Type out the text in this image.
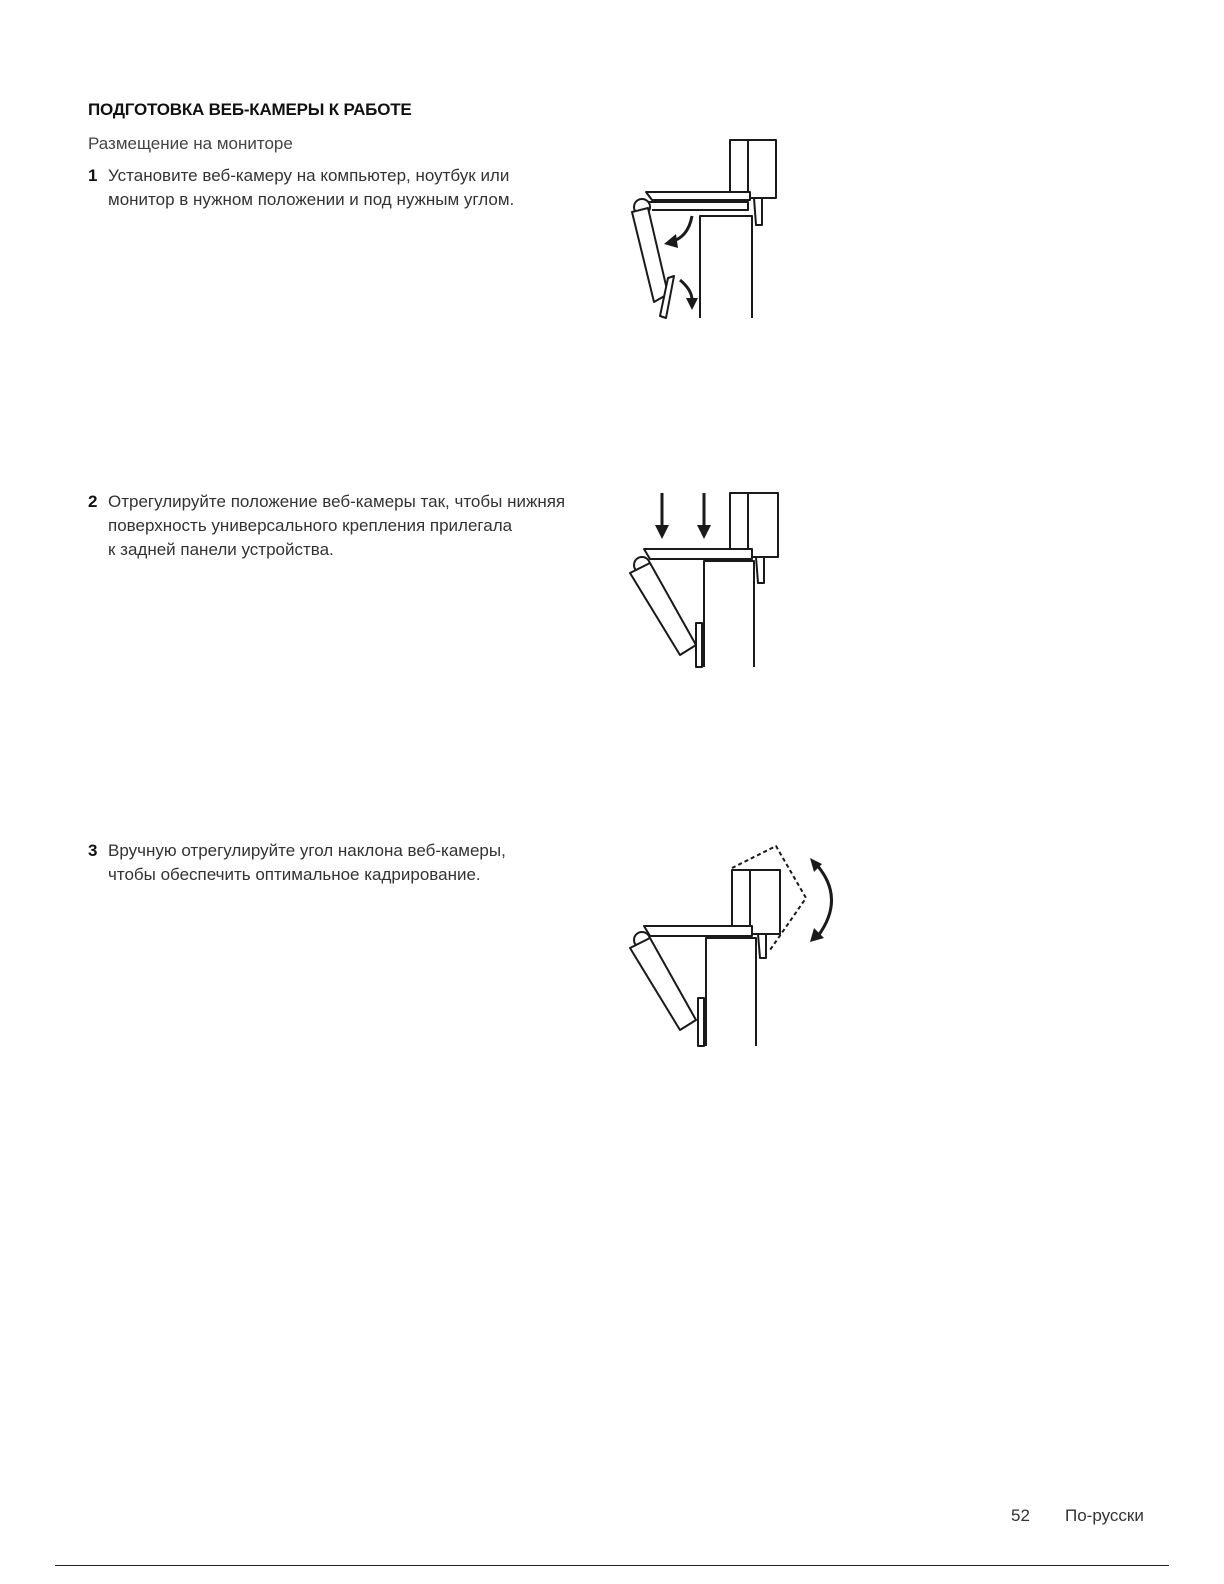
ПОДГОТОВКА ВЕБ-КАМЕРЫ К РАБОТЕ
Размещение на мониторе
1 Установите веб-камеру на компьютер, ноутбук или
монитор в нужном положении и под нужным углом.
2 Отрегулируйте положение веб-камеры так, чтобы нижняя
поверхность универсального крепления прилегала
к задней панели устройства.
3 Вручную отрегулируйте угол наклона веб-камеры,
чтобы обеспечить оптимальное кадрирование.
52 По-русски
